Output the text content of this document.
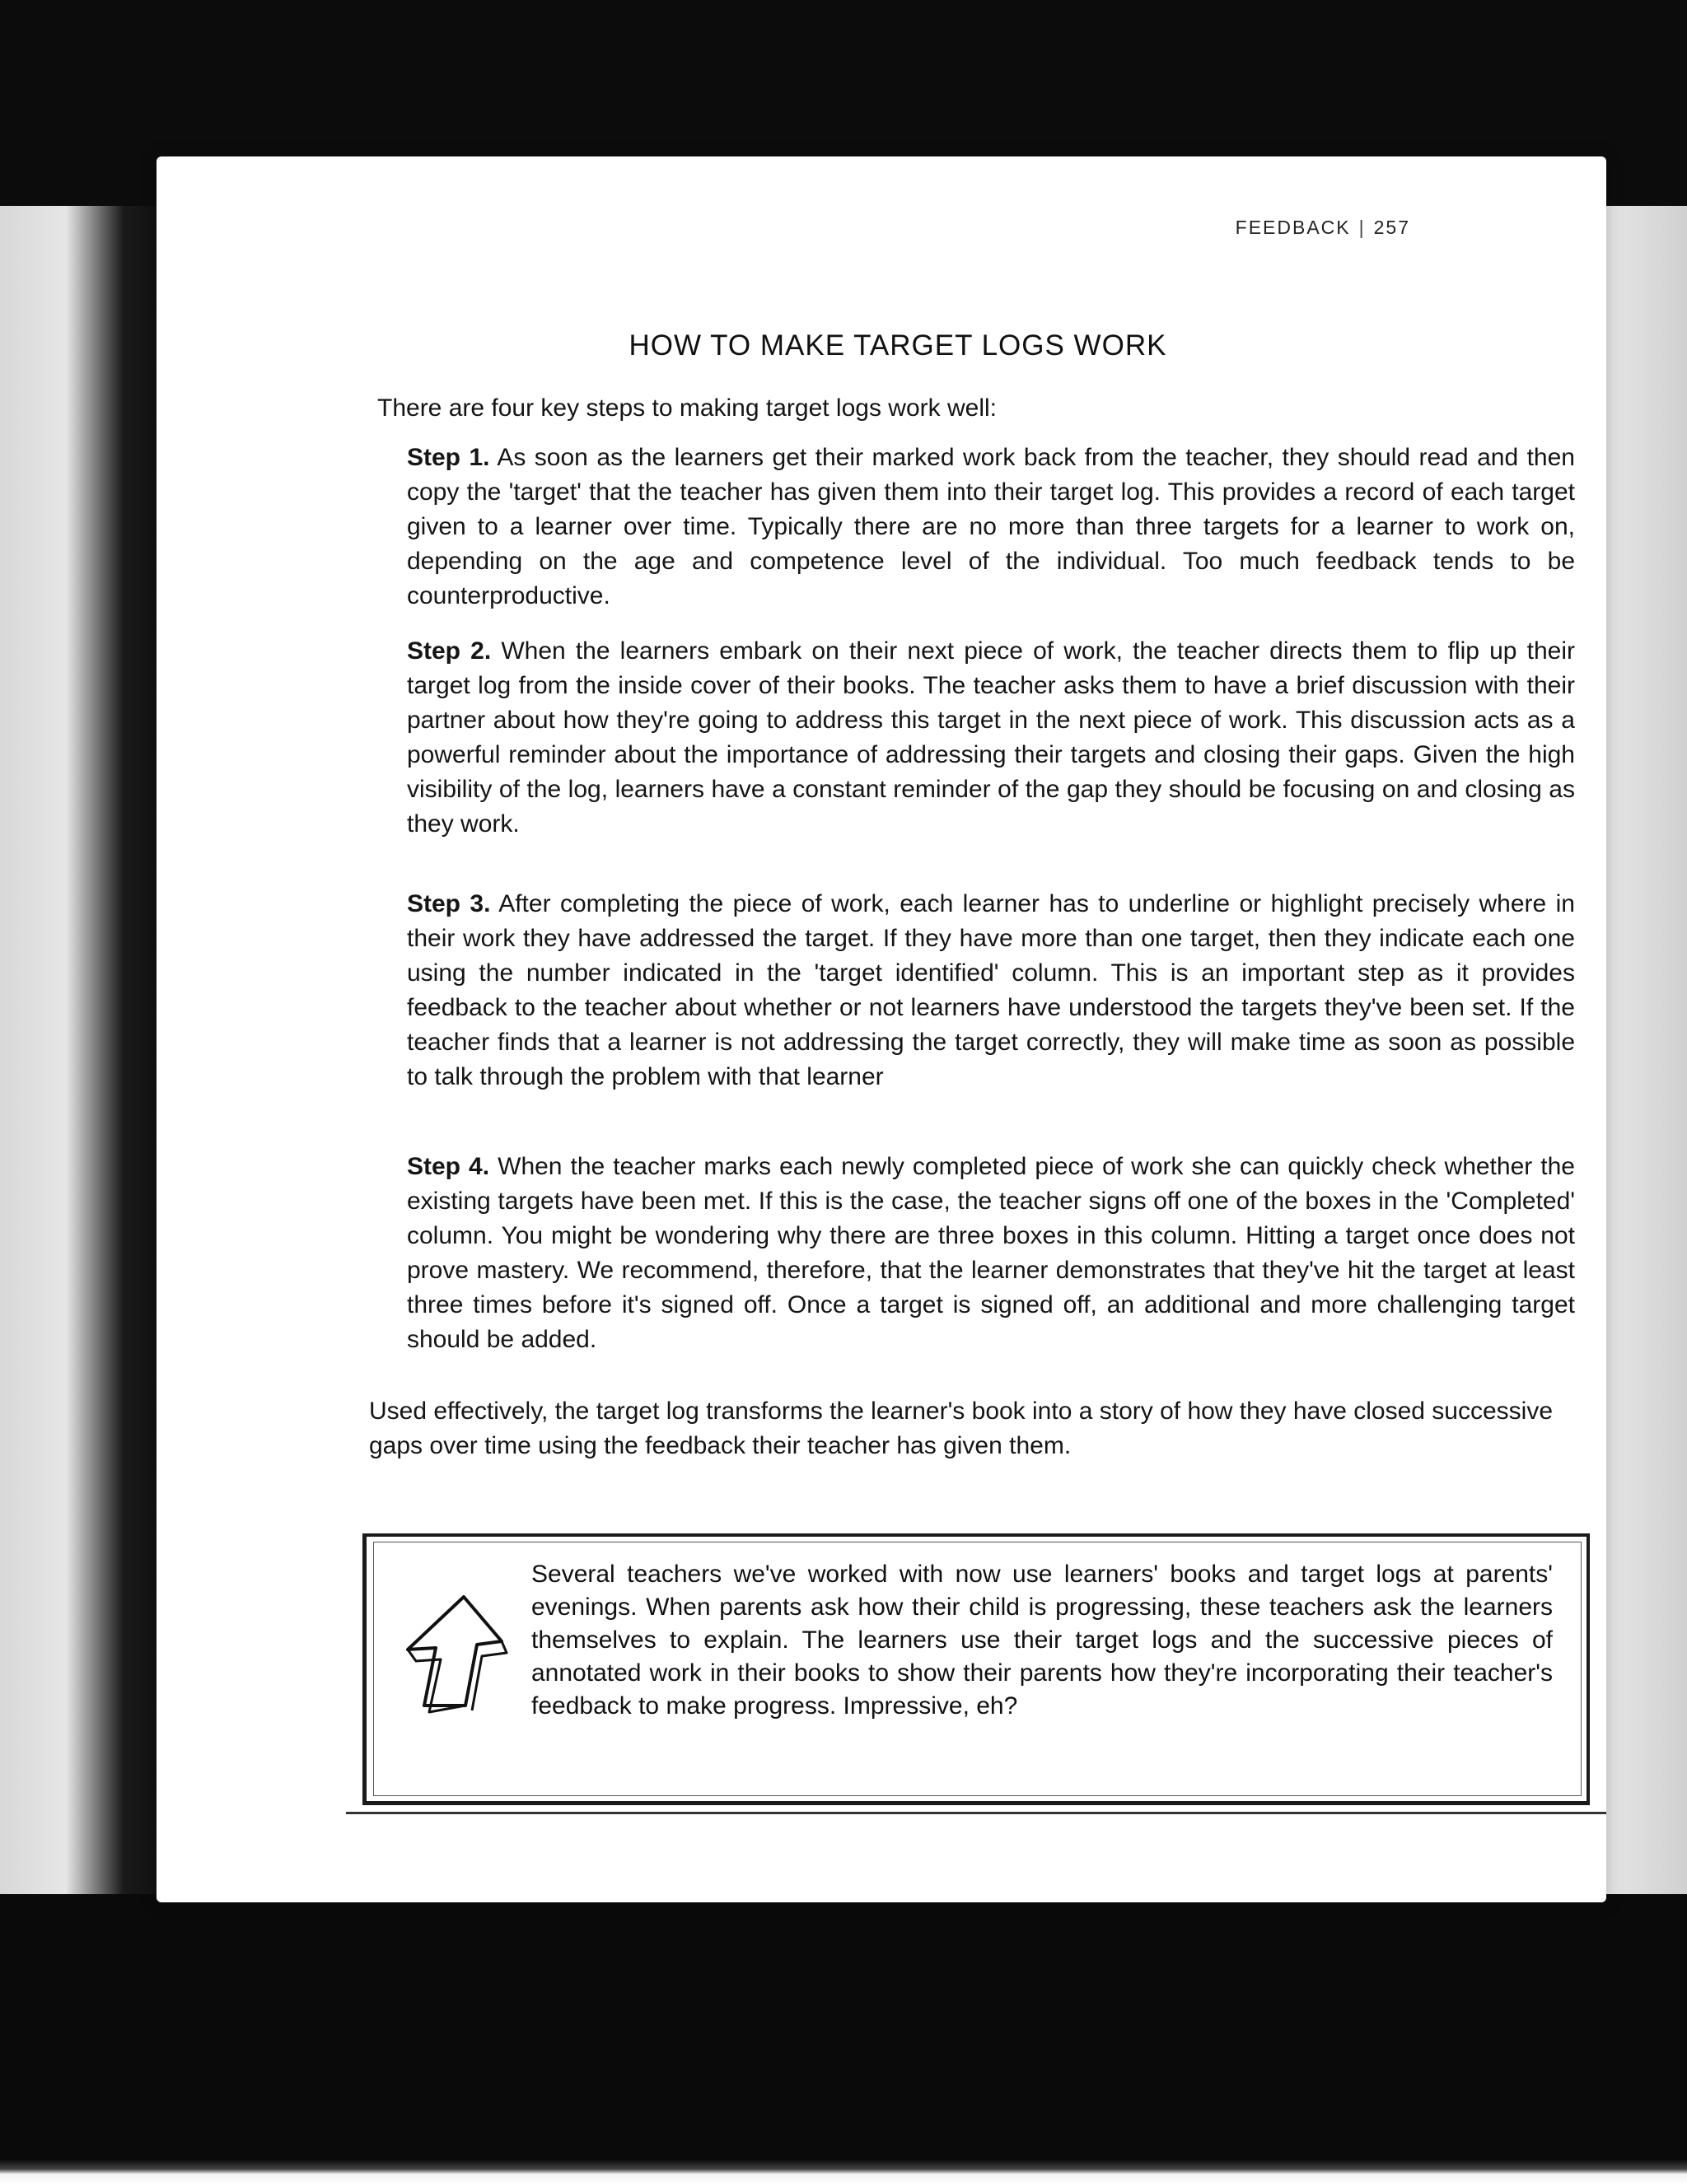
FEEDBACK | 257
HOW TO MAKE TARGET LOGS WORK
There are four key steps to making target logs work well:
Step 1. As soon as the learners get their marked work back from the teacher, they should read and then copy the 'target' that the teacher has given them into their target log. This provides a record of each target given to a learner over time. Typically there are no more than three targets for a learner to work on, depending on the age and competence level of the individual. Too much feedback tends to be counterproductive.
Step 2. When the learners embark on their next piece of work, the teacher directs them to flip up their target log from the inside cover of their books. The teacher asks them to have a brief discussion with their partner about how they're going to address this target in the next piece of work. This discussion acts as a powerful reminder about the importance of addressing their targets and closing their gaps. Given the high visibility of the log, learners have a constant reminder of the gap they should be focusing on and closing as they work.
Step 3. After completing the piece of work, each learner has to underline or highlight precisely where in their work they have addressed the target. If they have more than one target, then they indicate each one using the number indicated in the 'target identified' column. This is an important step as it provides feedback to the teacher about whether or not learners have understood the targets they've been set. If the teacher finds that a learner is not addressing the target correctly, they will make time as soon as possible to talk through the problem with that learner
Step 4. When the teacher marks each newly completed piece of work she can quickly check whether the existing targets have been met. If this is the case, the teacher signs off one of the boxes in the 'Completed' column. You might be wondering why there are three boxes in this column. Hitting a target once does not prove mastery. We recommend, therefore, that the learner demonstrates that they've hit the target at least three times before it's signed off. Once a target is signed off, an additional and more challenging target should be added.
Used effectively, the target log transforms the learner's book into a story of how they have closed successive gaps over time using the feedback their teacher has given them.
Several teachers we've worked with now use learners' books and target logs at parents' evenings. When parents ask how their child is progressing, these teachers ask the learners themselves to explain. The learners use their target logs and the successive pieces of annotated work in their books to show their parents how they're incorporating their teacher's feedback to make progress. Impressive, eh?
